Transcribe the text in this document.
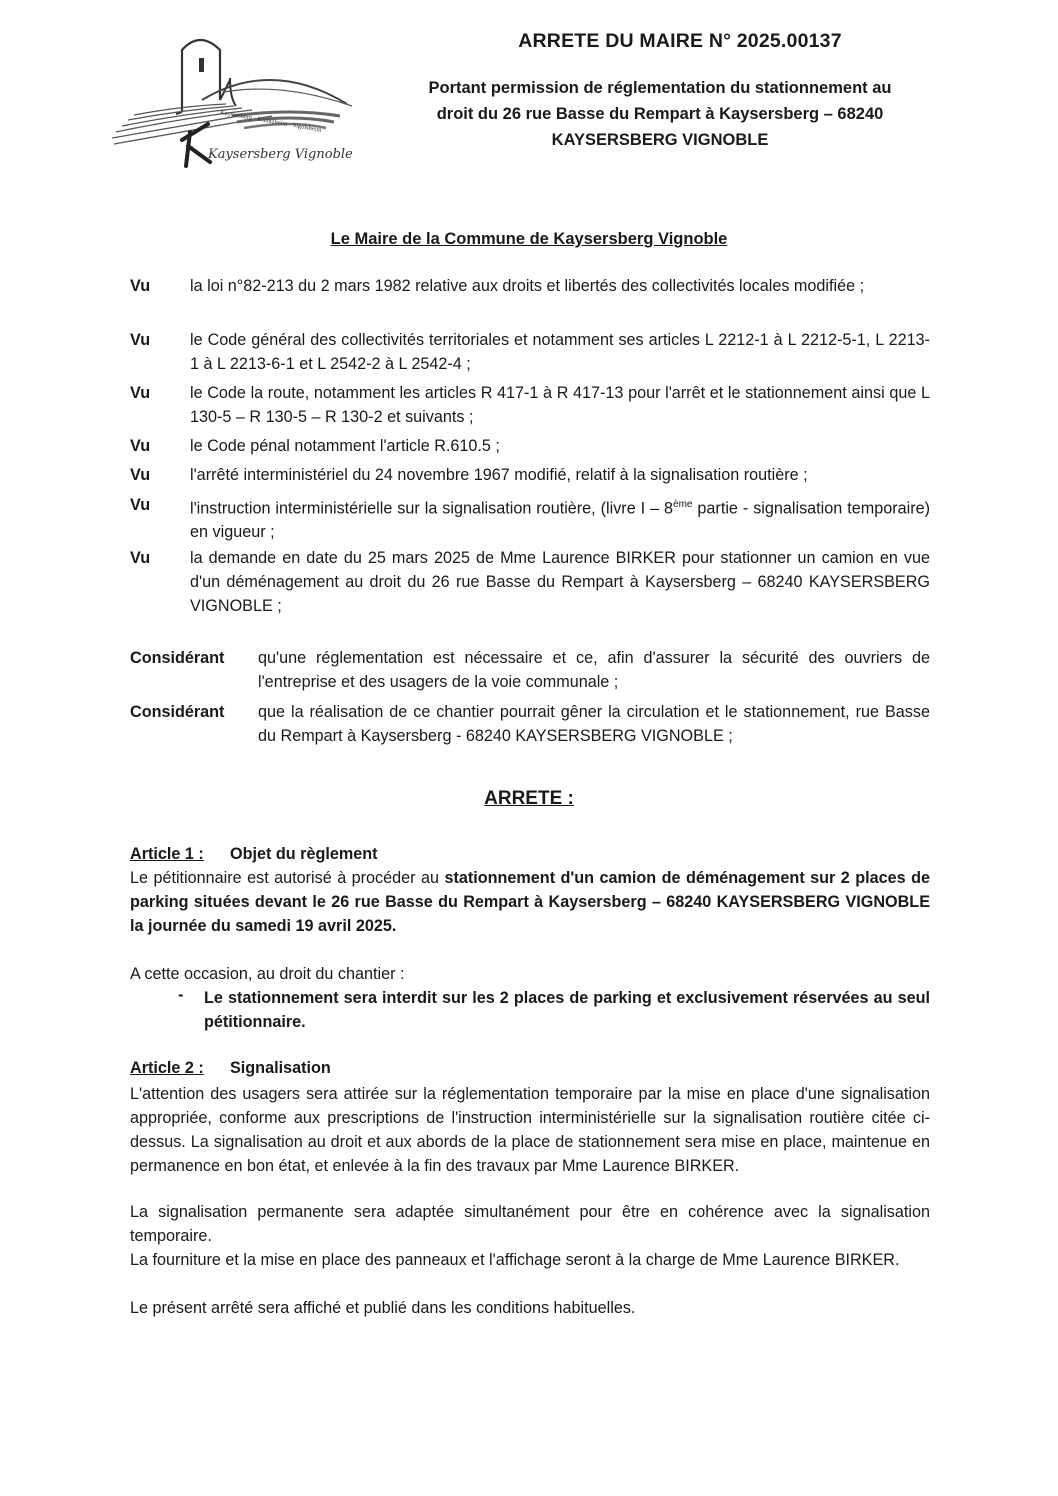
Kaysersberg · Kientzheim · Sigolsheim
Kaysersberg Vignoble
ARRETE DU MAIRE N° 2025.00137
Portant permission de réglementation du stationnement au
droit du 26 rue Basse du Rempart à Kaysersberg – 68240
KAYSERSBERG VIGNOBLE
Le Maire de la Commune de Kaysersberg Vignoble
Vu la loi n°82-213 du 2 mars 1982 relative aux droits et libertés des collectivités locales modifiée ;
Vu le Code général des collectivités territoriales et notamment ses articles L 2212-1 à L 2212-5-1, L 2213-1 à L 2213-6-1 et L 2542-2 à L 2542-4 ;
Vu le Code la route, notamment les articles R 417-1 à R 417-13 pour l'arrêt et le stationnement ainsi que L 130-5 – R 130-5 – R 130-2 et suivants ;
Vu le Code pénal notamment l'article R.610.5 ;
Vu l'arrêté interministériel du 24 novembre 1967 modifié, relatif à la signalisation routière ;
Vu l'instruction interministérielle sur la signalisation routière, (livre I – 8ème partie - signalisation temporaire) en vigueur ;
Vu la demande en date du 25 mars 2025 de Mme Laurence BIRKER pour stationner un camion en vue d'un déménagement au droit du 26 rue Basse du Rempart à Kaysersberg – 68240 KAYSERSBERG VIGNOBLE ;
Considérant qu'une réglementation est nécessaire et ce, afin d'assurer la sécurité des ouvriers de l'entreprise et des usagers de la voie communale ;
Considérant que la réalisation de ce chantier pourrait gêner la circulation et le stationnement, rue Basse du Rempart à Kaysersberg - 68240 KAYSERSBERG VIGNOBLE ;
ARRETE :
Article 1 : Objet du règlement
Le pétitionnaire est autorisé à procéder au stationnement d'un camion de déménagement sur 2 places de parking situées devant le 26 rue Basse du Rempart à Kaysersberg – 68240 KAYSERSBERG VIGNOBLE la journée du samedi 19 avril 2025.
A cette occasion, au droit du chantier :
- Le stationnement sera interdit sur les 2 places de parking et exclusivement réservées au seul pétitionnaire.
Article 2 : Signalisation
L'attention des usagers sera attirée sur la réglementation temporaire par la mise en place d'une signalisation appropriée, conforme aux prescriptions de l'instruction interministérielle sur la signalisation routière citée ci-dessus. La signalisation au droit et aux abords de la place de stationnement sera mise en place, maintenue en permanence en bon état, et enlevée à la fin des travaux par Mme Laurence BIRKER.
La signalisation permanente sera adaptée simultanément pour être en cohérence avec la signalisation temporaire.
La fourniture et la mise en place des panneaux et l'affichage seront à la charge de Mme Laurence BIRKER.
Le présent arrêté sera affiché et publié dans les conditions habituelles.
